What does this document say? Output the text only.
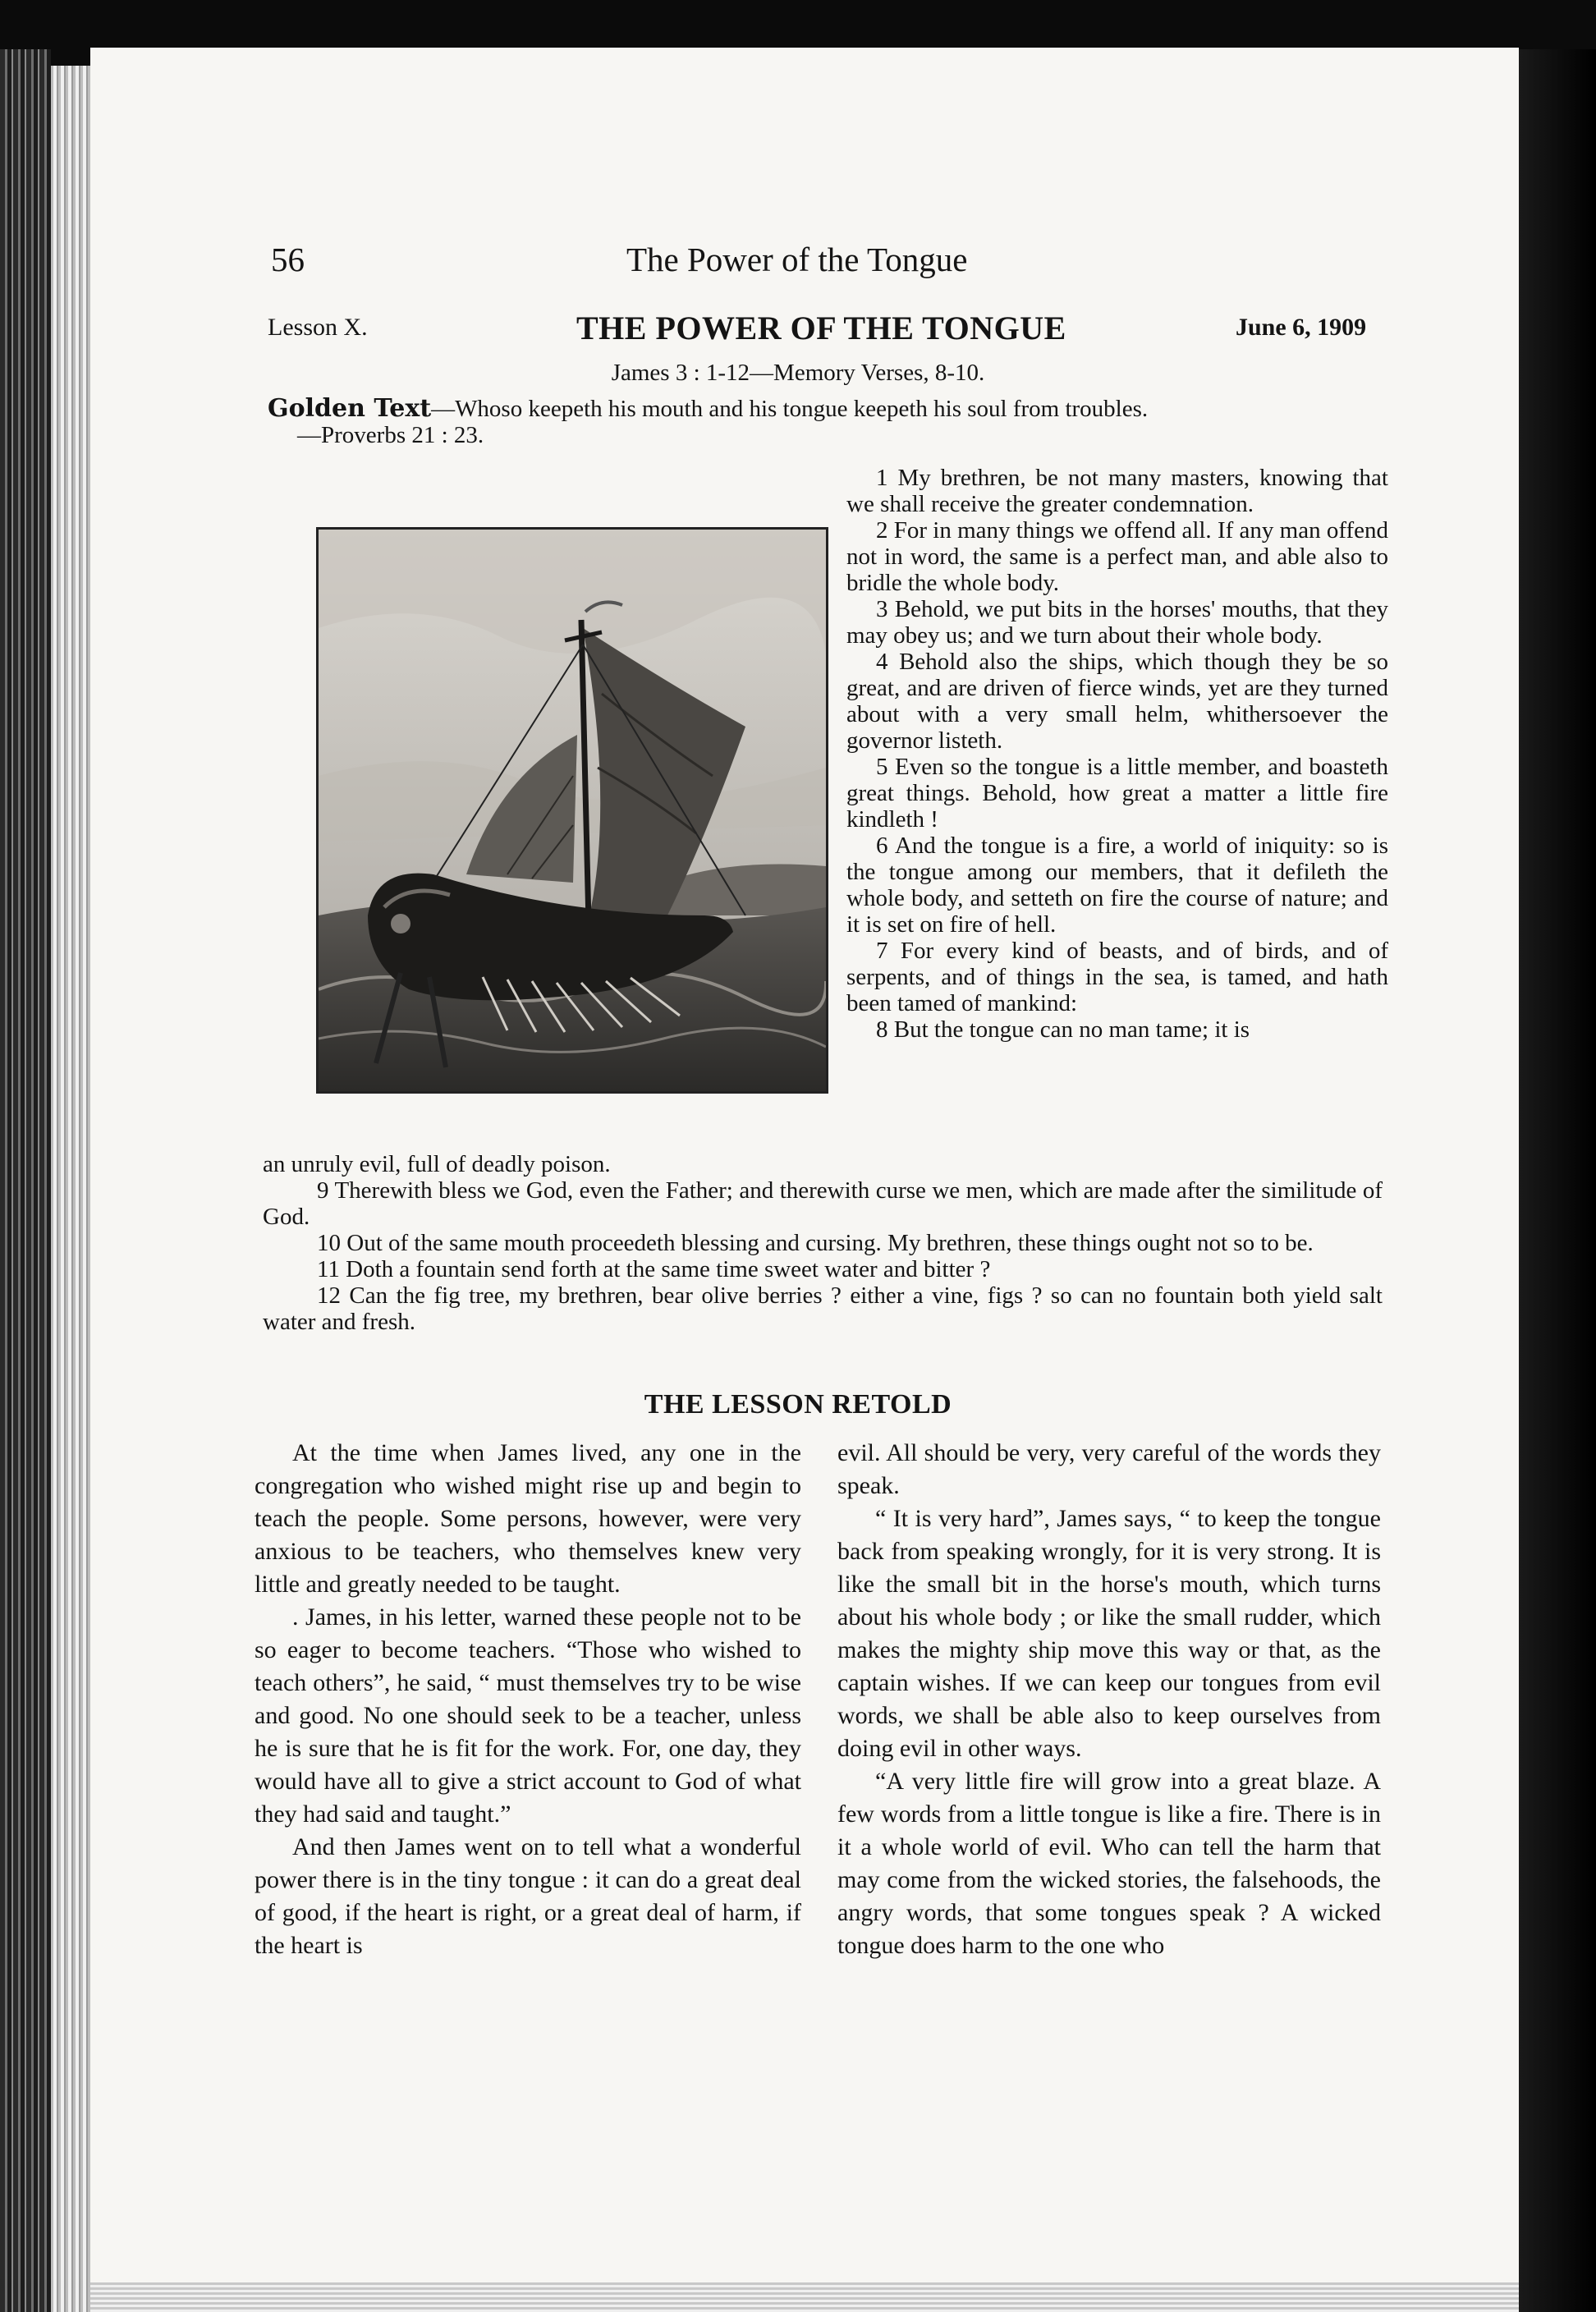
56	The Power of the Tongue
Lesson X.	THE POWER OF THE TONGUE	June 6, 1909
James 3 : 1-12—Memory Verses, 8-10.
Golden Text—Whoso keepeth his mouth and his tongue keepeth his soul from troubles.
—Proverbs 21 : 23.

1 My brethren, be not many masters, knowing that we shall receive the greater condemnation.

2 For in many things we offend all. If any man offend not in word, the same is a perfect man, and able also to bridle the whole body.

3 Behold, we put bits in the horses' mouths, that they may obey us; and we turn about their whole body.

4 Behold also the ships, which though they be so great, and are driven of fierce winds, yet are they turned about with a very small helm, whithersoever the governor listeth.

5 Even so the tongue is a little member, and boasteth great things. Behold, how great a matter a little fire kindleth !

6 And the tongue is a fire, a world of iniquity: so is the tongue among our members, that it defileth the whole body, and setteth on fire the course of nature; and it is set on fire of hell.

7 For every kind of beasts, and of birds, and of serpents, and of things in the sea, is tamed, and hath been tamed of mankind:

8 But the tongue can no man tame; it is

an unruly evil, full of deadly poison.

9 Therewith bless we God, even the Father; and therewith curse we men, which are made after the similitude of God.

10 Out of the same mouth proceedeth blessing and cursing. My brethren, these things ought not so to be.

11 Doth a fountain send forth at the same time sweet water and bitter ?

12 Can the fig tree, my brethren, bear olive berries ? either a vine, figs ? so can no fountain both yield salt water and fresh.

THE LESSON RETOLD

At the time when James lived, any one in the congregation who wished might rise up and begin to teach the people. Some persons, however, were very anxious to be teachers, who themselves knew very little and greatly needed to be taught.

. James, in his letter, warned these people not to be so eager to become teachers. “Those who wished to teach others”, he said, “ must themselves try to be wise and good. No one should seek to be a teacher, unless he is sure that he is fit for the work. For, one day, they would have all to give a strict account to God of what they had said and taught.”

And then James went on to tell what a wonderful power there is in the tiny tongue : it can do a great deal of good, if the heart is right, or a great deal of harm, if the heart is

evil. All should be very, very careful of the words they speak.

“ It is very hard”, James says, “ to keep the tongue back from speaking wrongly, for it is very strong. It is like the small bit in the horse's mouth, which turns about his whole body ; or like the small rudder, which makes the mighty ship move this way or that, as the captain wishes. If we can keep our tongues from evil words, we shall be able also to keep ourselves from doing evil in other ways.

“A very little fire will grow into a great blaze. A few words from a little tongue is like a fire. There is in it a whole world of evil. Who can tell the harm that may come from the wicked stories, the falsehoods, the angry words, that some tongues speak ? A wicked tongue does harm to the one who
